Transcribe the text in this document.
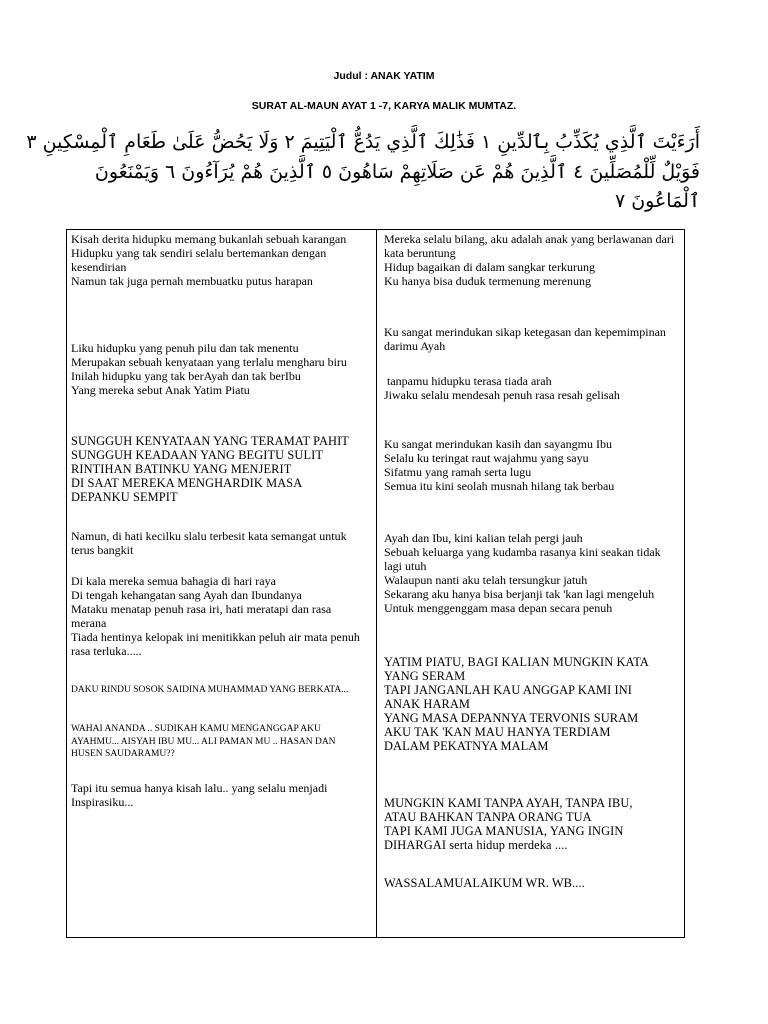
Judul : ANAK YATIM
SURAT AL-MAUN AYAT 1 -7, KARYA MALIK MUMTAZ.
أَرَءَيْتَ ٱلَّذِي يُكَذِّبُ بِٱلدِّينِ ١ فَذَٰلِكَ ٱلَّذِي يَدُعُّ ٱلْيَتِيمَ ٢ وَلَا يَحُضُّ عَلَىٰ طَعَامِ ٱلْمِسْكِينِ ٣
فَوَيْلٌ لِّلْمُصَلِّينَ ٤ ٱلَّذِينَ هُمْ عَن صَلَاتِهِمْ سَاهُونَ ٥ ٱلَّذِينَ هُمْ يُرَآءُونَ ٦ وَيَمْنَعُونَ
ٱلْمَاعُونَ ٧
Kisah derita hidupku memang bukanlah sebuah karangan
Hidupku yang tak sendiri selalu bertemankan dengan kesendirian
Namun tak juga pernah membuatku putus harapan
Liku hidupku yang penuh pilu dan tak menentu
Merupakan sebuah kenyataan yang terlalu mengharu biru
Inilah hidupku yang tak berAyah dan tak berIbu
Yang mereka sebut Anak Yatim Piatu
SUNGGUH KENYATAAN YANG TERAMAT PAHIT
SUNGGUH KEADAAN YANG BEGITU SULIT
RINTIHAN BATINKU YANG MENJERIT
DI SAAT MEREKA MENGHARDIK MASA DEPANKU SEMPIT
Namun, di hati kecilku slalu terbesit kata semangat untuk terus bangkit
Di kala mereka semua bahagia di hari raya
Di tengah kehangatan sang Ayah dan Ibundanya
Mataku menatap penuh rasa iri, hati meratapi dan rasa merana
Tiada hentinya kelopak ini menitikkan peluh air mata penuh rasa terluka.....
DAKU RINDU SOSOK SAIDINA MUHAMMAD YANG BERKATA...
WAHAI ANANDA .. SUDIKAH KAMU MENGANGGAP AKU AYAHMU... AISYAH IBU MU... ALI PAMAN MU .. HASAN DAN HUSEN SAUDARAMU??
Tapi itu semua hanya kisah lalu.. yang selalu menjadi Inspirasiku...
Mereka selalu bilang, aku adalah anak yang berlawanan dari kata beruntung
Hidup bagaikan di dalam sangkar terkurung
Ku hanya bisa duduk termenung merenung
Ku sangat merindukan sikap ketegasan dan kepemimpinan darimu Ayah
tanpamu hidupku terasa tiada arah
Jiwaku selalu mendesah penuh rasa resah gelisah
Ku sangat merindukan kasih dan sayangmu Ibu
Selalu ku teringat raut wajahmu yang sayu
Sifatmu yang ramah serta lugu
Semua itu kini seolah musnah hilang tak berbau
Ayah dan Ibu, kini kalian telah pergi jauh
Sebuah keluarga yang kudamba rasanya kini seakan tidak lagi utuh
Walaupun nanti aku telah tersungkur jatuh
Sekarang aku hanya bisa berjanji tak 'kan lagi mengeluh
Untuk menggenggam masa depan secara penuh
YATIM PIATU, BAGI KALIAN MUNGKIN KATA YANG SERAM
TAPI JANGANLAH KAU ANGGAP KAMI INI ANAK HARAM
YANG MASA DEPANNYA TERVONIS SURAM
AKU TAK 'KAN MAU HANYA TERDIAM
DALAM PEKATNYA MALAM
MUNGKIN KAMI TANPA AYAH, TANPA IBU,
ATAU BAHKAN TANPA ORANG TUA
TAPI KAMI JUGA MANUSIA, YANG INGIN
DIHARGAI serta hidup merdeka ....
WASSALAMUALAIKUM WR. WB....
